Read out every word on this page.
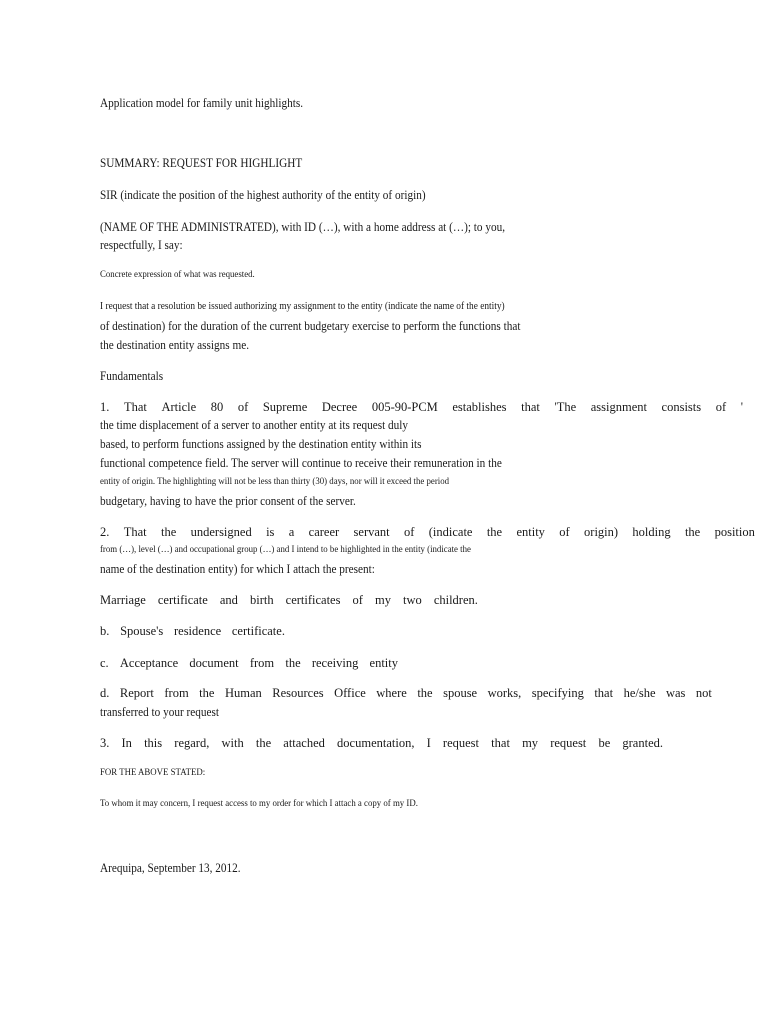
Application model for family unit highlights.
SUMMARY: REQUEST FOR HIGHLIGHT
SIR (indicate the position of the highest authority of the entity of origin)
(NAME OF THE ADMINISTRATED), with ID (…), with a home address at (…); to you,
respectfully, I say:
Concrete expression of what was requested.
I request that a resolution be issued authorizing my assignment to the entity (indicate the name of the entity)
of destination) for the duration of the current budgetary exercise to perform the functions that
the destination entity assigns me.
Fundamentals
1. That Article 80 of Supreme Decree 005-90-PCM establishes that 'The assignment consists of '
the time displacement of a server to another entity at its request duly
based, to perform functions assigned by the destination entity within its
functional competence field. The server will continue to receive their remuneration in the
entity of origin. The highlighting will not be less than thirty (30) days, nor will it exceed the period
budgetary, having to have the prior consent of the server.
2. That the undersigned is a career servant of (indicate the entity of origin) holding the position
from (…), level (…) and occupational group (…) and I intend to be highlighted in the entity (indicate the
name of the destination entity) for which I attach the present:
Marriage certificate and birth certificates of my two children.
b. Spouse's residence certificate.
c. Acceptance document from the receiving entity
d. Report from the Human Resources Office where the spouse works, specifying that he/she was not
transferred to your request
3. In this regard, with the attached documentation, I request that my request be granted.
FOR THE ABOVE STATED:
To whom it may concern, I request access to my order for which I attach a copy of my ID.
Arequipa, September 13, 2012.
